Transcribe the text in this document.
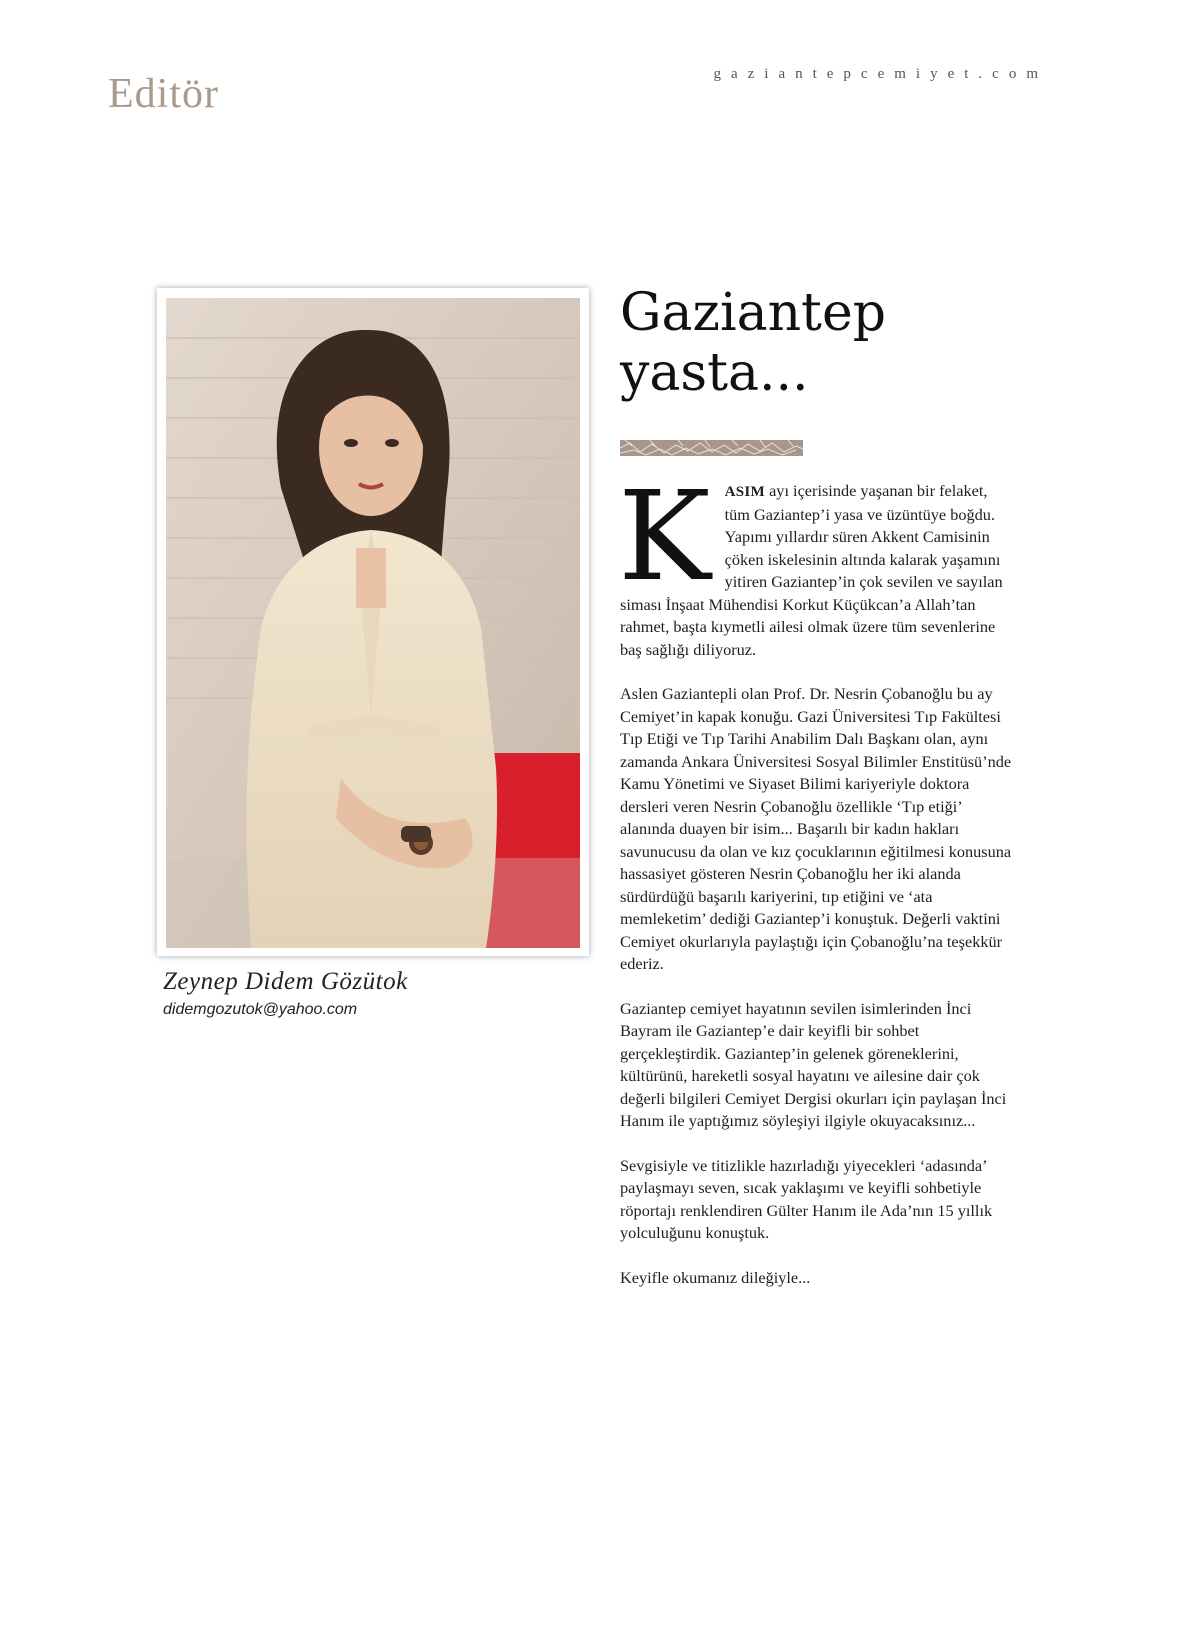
Editör	gaziantepcemiyet.com
Zeynep Didem Gözütok
didemgozutok@yahoo.com
Gaziantep yasta...

KASIM ayı içerisinde yaşanan bir felaket, tüm Gaziantep’i yasa ve üzüntüye boğdu. Yapımı yıllardır süren Akkent Camisinin çöken iskelesinin altında kalarak yaşamını yitiren Gaziantep’in çok sevilen ve sayılan siması İnşaat Mühendisi Korkut Küçükcan’a Allah’tan rahmet, başta kıymetli ailesi olmak üzere tüm sevenlerine baş sağlığı diliyoruz.

Aslen Gaziantepli olan Prof. Dr. Nesrin Çobanoğlu bu ay Cemiyet’in kapak konuğu. Gazi Üniversitesi Tıp Fakültesi Tıp Etiği ve Tıp Tarihi Anabilim Dalı Başkanı olan, aynı zamanda Ankara Üniversitesi Sosyal Bilimler Enstitüsü’nde Kamu Yönetimi ve Siyaset Bilimi kariyeriyle doktora dersleri veren Nesrin Çobanoğlu özellikle ‘Tıp etiği’ alanında duayen bir isim... Başarılı bir kadın hakları savunucusu da olan ve kız çocuklarının eğitilmesi konusuna hassasiyet gösteren Nesrin Çobanoğlu her iki alanda sürdürdüğü başarılı kariyerini, tıp etiğini ve ‘ata memleketim’ dediği Gaziantep’i konuştuk. Değerli vaktini Cemiyet okurlarıyla paylaştığı için Çobanoğlu’na teşekkür ederiz.

Gaziantep cemiyet hayatının sevilen isimlerinden İnci Bayram ile Gaziantep’e dair keyifli bir sohbet gerçekleştirdik. Gaziantep’in gelenek göreneklerini, kültürünü, hareketli sosyal hayatını ve ailesine dair çok değerli bilgileri Cemiyet Dergisi okurları için paylaşan İnci Hanım ile yaptığımız söyleşiyi ilgiyle okuyacaksınız...

Sevgisiyle ve titizlikle hazırladığı yiyecekleri ‘adasında’ paylaşmayı seven, sıcak yaklaşımı ve keyifli sohbetiyle röportajı renklendiren Gülter Hanım ile Ada’nın 15 yıllık yolculuğunu konuştuk.

Keyifle okumanız dileğiyle...
